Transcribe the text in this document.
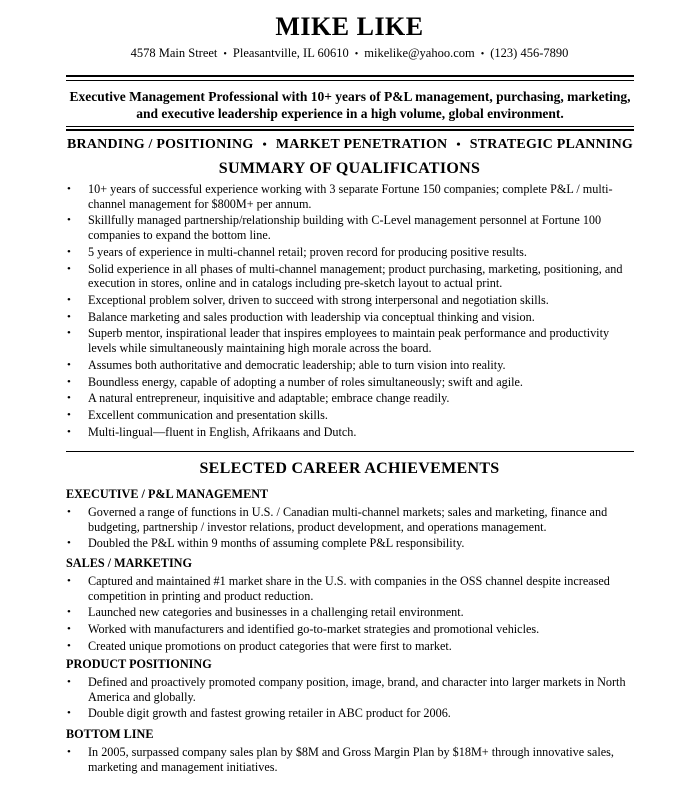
MIKE LIKE
4578 Main Street • Pleasantville, IL 60610 • mikelike@yahoo.com • (123) 456-7890
Executive Management Professional with 10+ years of P&L management, purchasing, marketing, and executive leadership experience in a high volume, global environment.
BRANDING / POSITIONING • MARKET PENETRATION • STRATEGIC PLANNING
SUMMARY OF QUALIFICATIONS
• 10+ years of successful experience working with 3 separate Fortune 150 companies; complete P&L / multi-channel management for $800M+ per annum.
• Skillfully managed partnership/relationship building with C-Level management personnel at Fortune 100 companies to expand the bottom line.
• 5 years of experience in multi-channel retail; proven record for producing positive results.
• Solid experience in all phases of multi-channel management; product purchasing, marketing, positioning, and execution in stores, online and in catalogs including pre-sketch layout to actual print.
• Exceptional problem solver, driven to succeed with strong interpersonal and negotiation skills.
• Balance marketing and sales production with leadership via conceptual thinking and vision.
• Superb mentor, inspirational leader that inspires employees to maintain peak performance and productivity levels while simultaneously maintaining high morale across the board.
• Assumes both authoritative and democratic leadership; able to turn vision into reality.
• Boundless energy, capable of adopting a number of roles simultaneously; swift and agile.
• A natural entrepreneur, inquisitive and adaptable; embrace change readily.
• Excellent communication and presentation skills.
• Multi-lingual—fluent in English, Afrikaans and Dutch.
SELECTED CAREER ACHIEVEMENTS
EXECUTIVE / P&L MANAGEMENT
• Governed a range of functions in U.S. / Canadian multi-channel markets; sales and marketing, finance and budgeting, partnership / investor relations, product development, and operations management.
• Doubled the P&L within 9 months of assuming complete P&L responsibility.
SALES / MARKETING
• Captured and maintained #1 market share in the U.S. with companies in the OSS channel despite increased competition in printing and product reduction.
• Launched new categories and businesses in a challenging retail environment.
• Worked with manufacturers and identified go-to-market strategies and promotional vehicles.
• Created unique promotions on product categories that were first to market.
PRODUCT POSITIONING
• Defined and proactively promoted company position, image, brand, and character into larger markets in North America and globally.
• Double digit growth and fastest growing retailer in ABC product for 2006.
BOTTOM LINE
• In 2005, surpassed company sales plan by $8M and Gross Margin Plan by $18M+ through innovative sales, marketing and management initiatives.
